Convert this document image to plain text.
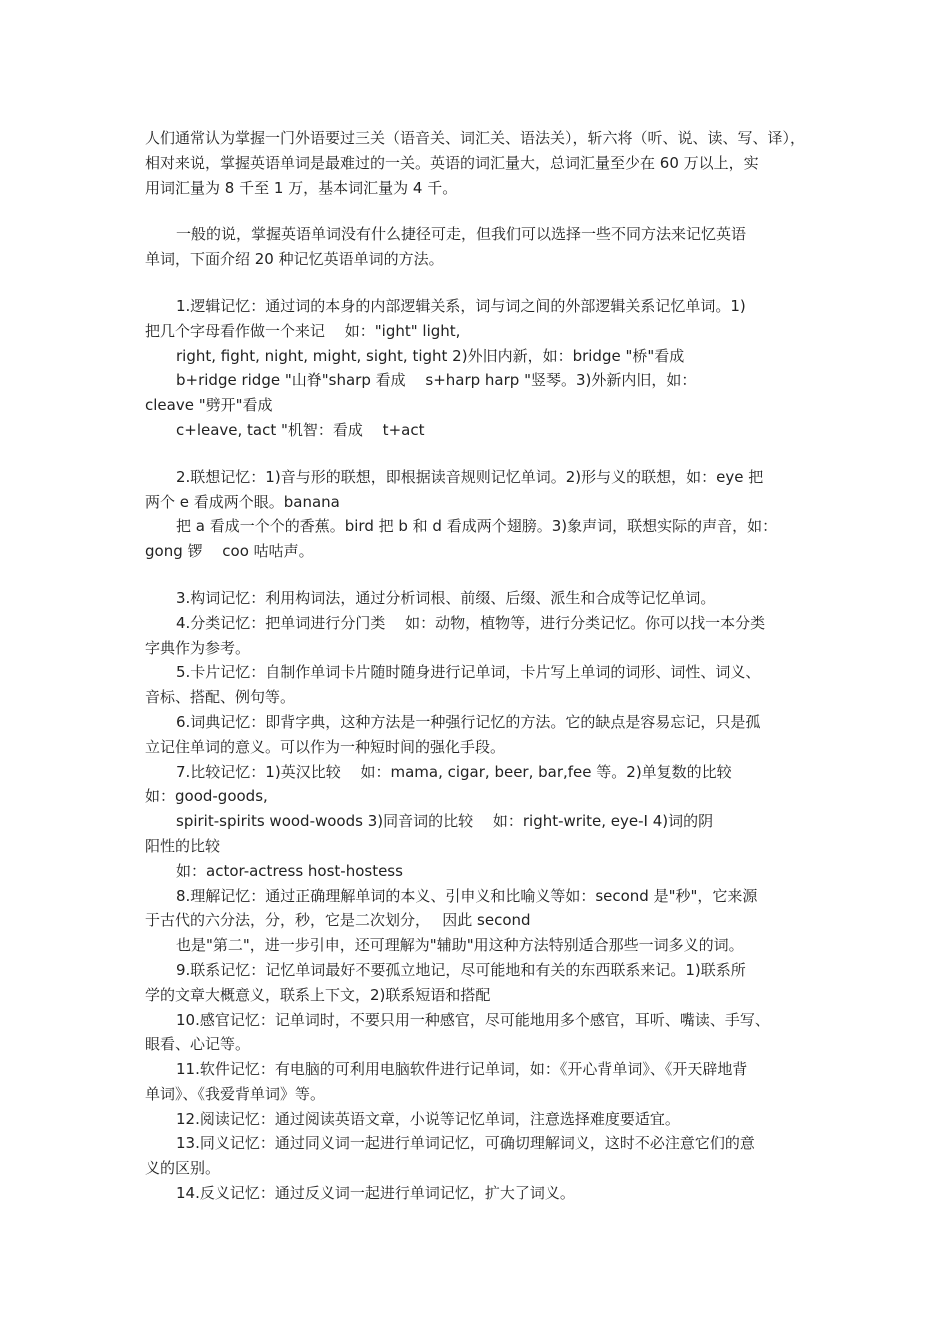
人们通常认为掌握一门外语要过三关（语音关、词汇关、语法关），斩六将（听、说、读、写、译），
相对来说，掌握英语单词是最难过的一关。英语的词汇量大，总词汇量至少在 60 万以上，实
用词汇量为 8 千至 1 万，基本词汇量为 4 千。
一般的说，掌握英语单词没有什么捷径可走，但我们可以选择一些不同方法来记忆英语
单词，下面介绍 20 种记忆英语单词的方法。
1.逻辑记忆：通过词的本身的内部逻辑关系，词与词之间的外部逻辑关系记忆单词。1)
把几个字母看作做一个来记　 如："ight" light,
right, fight, night, might, sight, tight 2)外旧内新，如：bridge "桥"看成
b+ridge ridge "山脊"sharp 看成　 s+harp harp "竖琴。3)外新内旧，如：
cleave "劈开"看成
c+leave, tact "机智：看成　 t+act
2.联想记忆：1)音与形的联想，即根据读音规则记忆单词。2)形与义的联想，如：eye 把
两个 e 看成两个眼。banana
把 a 看成一个个的香蕉。bird 把 b 和 d 看成两个翅膀。3)象声词，联想实际的声音，如：
gong 锣　 coo 咕咕声。
3.构词记忆：利用构词法，通过分析词根、前缀、后缀、派生和合成等记忆单词。
4.分类记忆：把单词进行分门类　 如：动物，植物等，进行分类记忆。你可以找一本分类
字典作为参考。
5.卡片记忆：自制作单词卡片随时随身进行记单词，卡片写上单词的词形、词性、词义、
音标、搭配、例句等。
6.词典记忆：即背字典，这种方法是一种强行记忆的方法。它的缺点是容易忘记，只是孤
立记住单词的意义。可以作为一种短时间的强化手段。
7.比较记忆：1)英汉比较　 如：mama, cigar, beer, bar,fee 等。2)单复数的比较
如：good-goods,
spirit-spirits wood-woods 3)同音词的比较　 如：right-write, eye-I 4)词的阴
阳性的比较
如：actor-actress host-hostess
8.理解记忆：通过正确理解单词的本义、引申义和比喻义等如：second 是"秒"，它来源
于古代的六分法，分，秒，它是二次划分，　 因此 second
也是"第二"，进一步引申，还可理解为"辅助"用这种方法特别适合那些一词多义的词。
9.联系记忆：记忆单词最好不要孤立地记，尽可能地和有关的东西联系来记。1)联系所
学的文章大概意义，联系上下文，2)联系短语和搭配
10.感官记忆：记单词时，不要只用一种感官，尽可能地用多个感官，耳听、嘴读、手写、
眼看、心记等。
11.软件记忆：有电脑的可利用电脑软件进行记单词，如：《开心背单词》、《开天辟地背
单词》、《我爱背单词》等。
12.阅读记忆：通过阅读英语文章，小说等记忆单词，注意选择难度要适宜。
13.同义记忆：通过同义词一起进行单词记忆，可确切理解词义，这时不必注意它们的意
义的区别。
14.反义记忆：通过反义词一起进行单词记忆，扩大了词义。
